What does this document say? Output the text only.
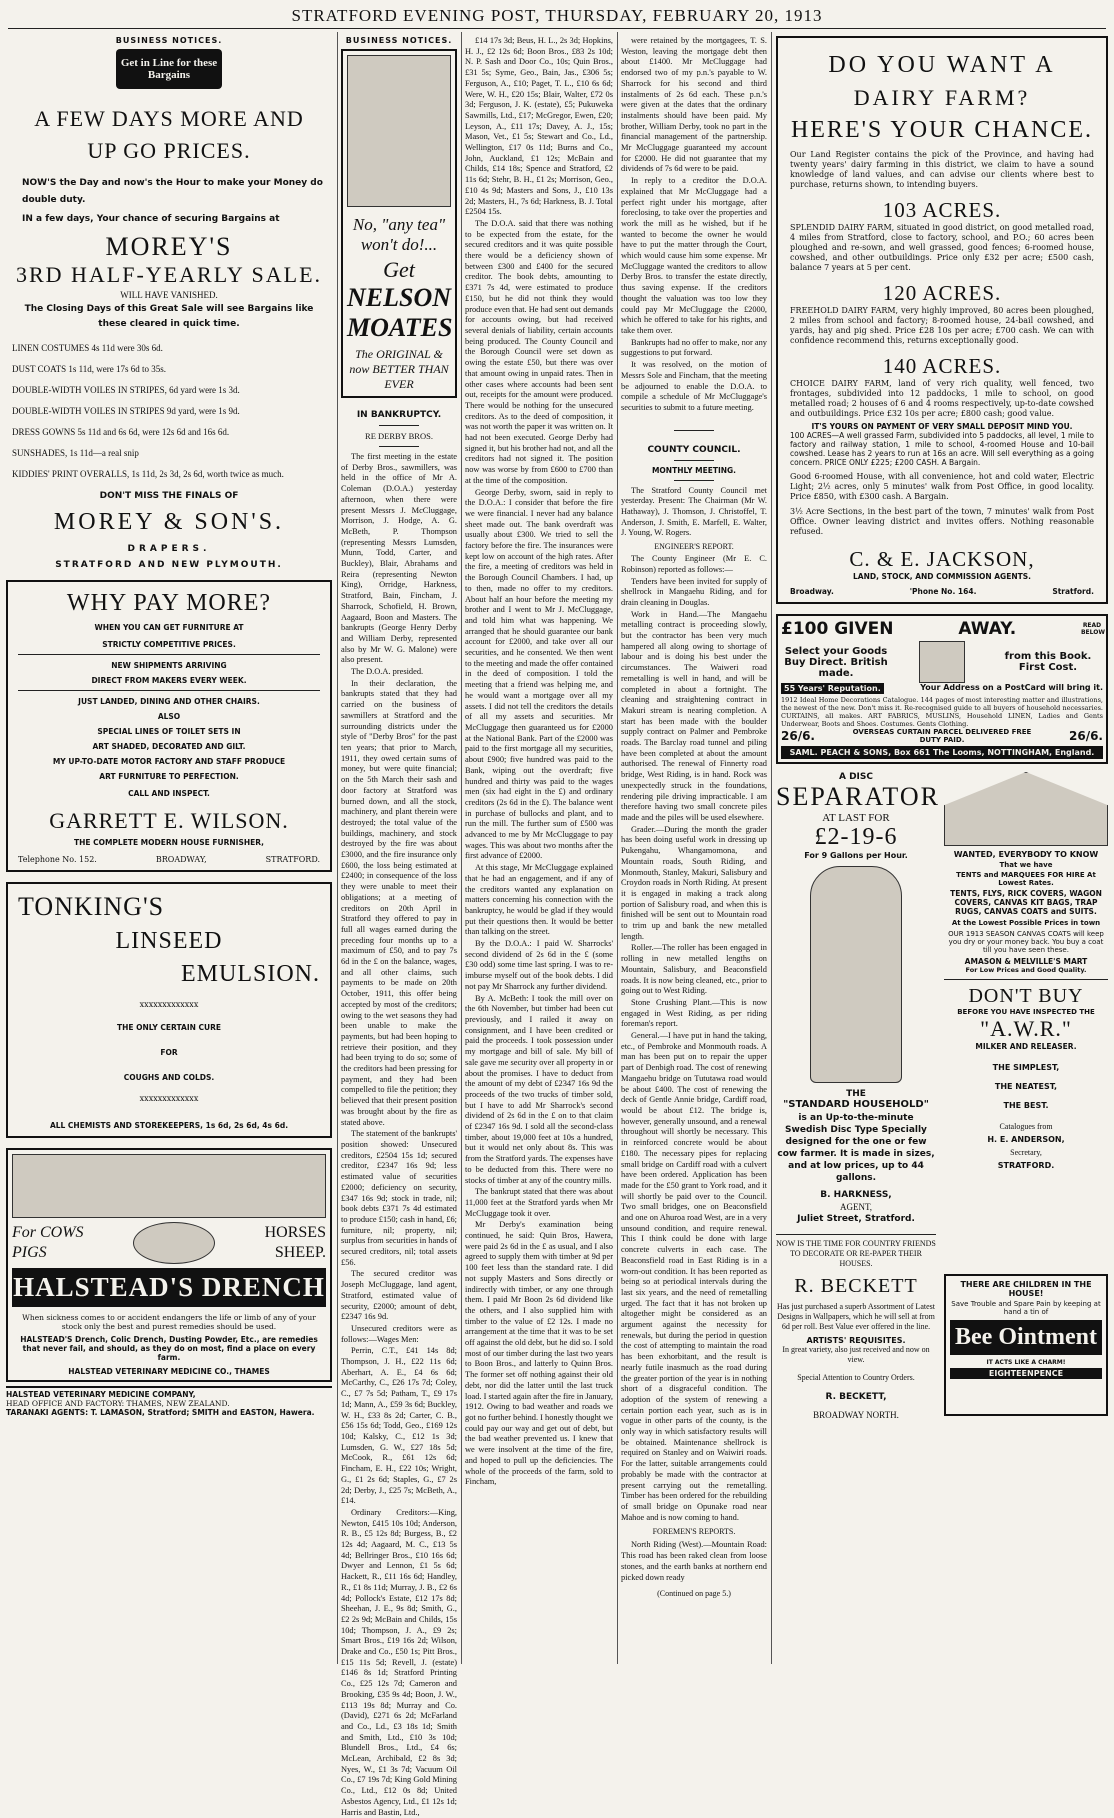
STRATFORD EVENING POST, THURSDAY, FEBRUARY 20, 1913
BUSINESS NOTICES.
Get in Line for these Bargains
A FEW DAYS MORE AND UP GO PRICES.
NOW'S the Day and now's the Hour to make your Money do double duty.
IN a few days, Your chance of securing Bargains at
MOREY'S
3RD HALF-YEARLY SALE.
WILL HAVE VANISHED.
The Closing Days of this Great Sale will see Bargains like these cleared in quick time.
LINEN COSTUMES 4s 11d were 30s 6d.
DUST COATS 1s 11d, were 17s 6d to 35s.
DOUBLE-WIDTH VOILES IN STRIPES, 6d yard were 1s 3d.
DOUBLE-WIDTH VOILES IN STRIPES 9d yard, were 1s 9d.
DRESS GOWNS 5s 11d and 6s 6d, were 12s 6d and 16s 6d.
SUNSHADES, 1s 11d—a real snip
KIDDIES' PRINT OVERALLS, 1s 11d, 2s 3d, 2s 6d, worth twice as much.
DON'T MISS THE FINALS OF
MOREY & SON'S.
DRAPERS.
STRATFORD AND NEW PLYMOUTH.
WHY PAY MORE?
WHEN YOU CAN GET FURNITURE AT
STRICTLY COMPETITIVE PRICES.
NEW SHIPMENTS ARRIVING
DIRECT FROM MAKERS EVERY WEEK.
JUST LANDED, DINING AND OTHER CHAIRS.
ALSO
SPECIAL LINES OF TOILET SETS IN
ART SHADED, DECORATED AND GILT.
MY UP-TO-DATE MOTOR FACTORY AND STAFF PRODUCE
ART FURNITURE TO PERFECTION.
CALL AND INSPECT.
GARRETT E. WILSON.
THE COMPLETE MODERN HOUSE FURNISHER,
Telephone No. 152.	BROADWAY,	STRATFORD.
TONKING'S
LINSEED
EMULSION.
xxxxxxxxxxxxx
THE ONLY CERTAIN CURE
FOR
COUGHS AND COLDS.
xxxxxxxxxxxxx
ALL CHEMISTS AND STOREKEEPERS, 1s 6d, 2s 6d, 4s 6d.
For COWS
PIGS
HORSES
SHEEP.
HALSTEAD'S DRENCH
When sickness comes to or accident endangers the life or limb of any of your stock only the best and purest remedies should be used.
HALSTEAD'S Drench, Colic Drench, Dusting Powder, Etc., are remedies that never fail, and should, as they do on most, find a place on every farm.
HALSTEAD VETERINARY MEDICINE CO., THAMES
HALSTEAD VETERINARY MEDICINE COMPANY,
HEAD OFFICE AND FACTORY: THAMES, NEW ZEALAND.
TARANAKI AGENTS: T. LAMASON, Stratford; SMITH and EASTON, Hawera.
BUSINESS NOTICES.
No, "any tea" won't do!...
Get
NELSON MOATES
The ORIGINAL & now BETTER THAN EVER
IN BANKRUPTCY.
RE DERBY BROS.

The first meeting in the estate of Derby Bros., sawmillers, was held in the office of Mr A. Coleman (D.O.A.) yesterday afternoon, when there were present Messrs J. McCluggage, Morrison, J. Hodge, A. G. McBeth, P. Thompson (representing Messrs Lumsden, Munn, Todd, Carter, and Buckley), Blair, Abrahams and Reira (representing Newton King), Orridge, Harkness, Stratford, Bain, Fincham, J. Sharrock, Schofield, H. Brown, Aagaard, Boon and Masters. The bankrupts (George Henry Derby and William Derby, represented also by Mr W. G. Malone) were also present.

The D.O.A. presided.

In their declaration, the bankrupts stated that they had carried on the business of sawmillers at Stratford and the surrounding districts under the style of "Derby Bros" for the past ten years; that prior to March, 1911, they owed certain sums of money, but were quite financial; on the 5th March their sash and door factory at Stratford was burned down, and all the stock, machinery, and plant therein were destroyed; the total value of the buildings, machinery, and stock destroyed by the fire was about £3000, and the fire insurance only £600, the loss being estimated at £2400; in consequence of the loss they were unable to meet their obligations; at a meeting of creditors on 20th April in Stratford they offered to pay in full all wages earned during the preceding four months up to a maximum of £50, and to pay 7s 6d in the £ on the balance, wages, and all other claims, such payments to be made on 20th October, 1911, this offer being accepted by most of the creditors; owing to the wet seasons they had been unable to make the payments, but had been hoping to retrieve their position, and they had been trying to do so; some of the creditors had been pressing for payment, and they had been compelled to file the petition; they believed that their present position was brought about by the fire as stated above.

The statement of the bankrupts' position showed: Unsecured creditors, £2504 15s 1d; secured creditor, £2347 16s 9d; less estimated value of securities £2000; deficiency on security, £347 16s 9d; stock in trade, nil; book debts £371 7s 4d estimated to produce £150; cash in hand, £6; furniture, nil; property, nil; surplus from securities in hands of secured creditors, nil; total assets £56.

The secured creditor was Joseph McCluggage, land agent, Stratford, estimated value of security, £2000; amount of debt, £2347 16s 9d.

Unsecured creditors were as follows:—Wages Men:

Perrin, C.T., £41 14s 8d; Thompson, J. H., £22 11s 6d; Aberhart, A. E., £4 6s 6d; McCarthy, C., £26 17s 7d; Coley, C., £7 7s 5d; Patham, T., £9 17s 1d; Mann, A., £59 3s 6d; Buckley, W. H., £33 8s 2d; Carter, C. B., £56 15s 6d; Todd, Geo., £169 12s 10d; Kalsky, C., £12 1s 3d; Lumsden, G. W., £27 18s 5d; McCook, R., £61 12s 6d; Fincham, E. H., £22 10s; Wright, G., £1 2s 6d; Staples, G., £7 2s 2d; Derby, J., £25 7s; McBeth, A., £14.

Ordinary Creditors:—King, Newton, £415 10s 10d; Anderson, R. B., £5 12s 8d; Burgess, B., £2 12s 4d; Aagaard, M. C., £13 5s 4d; Bellringer Bros., £10 16s 6d; Dwyer and Lennon, £1 5s 6d; Hackett, R., £11 16s 6d; Handley, R., £1 8s 11d; Murray, J. B., £2 6s 4d; Pollock's Estate, £12 17s 8d; Sheehan, J. E., 9s 8d; Smith, G., £2 2s 9d; McBain and Childs, 15s 10d; Thompson, J. A., £9 2s; Smart Bros., £19 16s 2d; Wilson, Drake and Co., £50 1s; Pitt Bros., £15 11s 5d; Revell, J. (estate) £146 8s 1d; Stratford Printing Co., £25 12s 7d; Cameron and Brooking, £35 9s 4d; Boon, J. W., £113 19s 8d; Murray and Co. (David), £271 6s 2d; McFarland and Co., Ld., £3 18s 1d; Smith and Smith, Ltd., £10 3s 10d; Blundell Bros., Ltd., £4 6s; McLean, Archibald, £2 8s 3d; Nyes, W., £1 3s 7d; Vacuum Oil Co., £7 19s 7d; King Gold Mining Co., Ltd., £12 0s 8d; United Asbestos Agency, Ltd., £1 12s 1d; Harris and Bastin, Ltd.,

£14 17s 3d; Beus, H. L., 2s 3d; Hopkins, H. J., £2 12s 6d; Boon Bros., £83 2s 10d; N. P. Sash and Door Co., 10s; Quin Bros., £31 5s; Syme, Geo., Bain, Jas., £306 5s; Ferguson, A., £10; Paget, T. L., £10 6s 6d; Were, W. H., £20 15s; Blair, Walter, £72 0s 3d; Ferguson, J. K. (estate), £5; Pukuweka Sawmills, Ltd., £17; McGregor, Ewen, £20; Leyson, A., £11 17s; Davey, A. J., 15s; Mason, Vet., £1 5s; Stewart and Co., Ld., Wellington, £17 0s 11d; Burns and Co., John, Auckland, £1 12s; McBain and Childs, £14 18s; Spence and Stratford, £2 11s 6d; Stehr, B. H., £1 2s; Morrison, Geo., £10 4s 9d; Masters and Sons, J., £10 13s 2d; Masters, H., 7s 6d; Harkness, B. J. Total £2504 15s.

The D.O.A. said that there was nothing to be expected from the estate, for the secured creditors and it was quite possible there would be a deficiency shown of between £300 and £400 for the secured creditor. The book debts, amounting to £371 7s 4d, were estimated to produce £150, but he did not think they would produce even that. He had sent out demands for accounts owing, but had received several denials of liability, certain accounts being produced. The County Council and the Borough Council were set down as owing the estate £50, but there was over that amount owing in unpaid rates. Then in other cases where accounts had been sent out, receipts for the amount were produced. There would be nothing for the unsecured creditors. As to the deed of composition, it was not worth the paper it was written on. It had not been executed. George Derby had signed it, but his brother had not, and all the creditors had not signed it. The position now was worse by from £600 to £700 than at the time of the composition.

George Derby, sworn, said in reply to the D.O.A.: I consider that before the fire we were financial. I never had any balance sheet made out. The bank overdraft was usually about £300. We tried to sell the factory before the fire. The insurances were kept low on account of the high rates. After the fire, a meeting of creditors was held in the Borough Council Chambers. I had, up to then, made no offer to my creditors. About half an hour before the meeting my brother and I went to Mr J. McCluggage, and told him what was happening. We arranged that he should guarantee our bank account for £2000, and take over all our securities, and he consented. We then went to the meeting and made the offer contained in the deed of composition. I told the meeting that a friend was helping me, and he would want a mortgage over all my assets. I did not tell the creditors the details of all my assets and securities. Mr McCluggage then guaranteed us for £2000 at the National Bank. Part of the £2000 was paid to the first mortgage all my securities, about £900; five hundred was paid to the Bank, wiping out the overdraft; five hundred and thirty was paid to the wages men (six had eight in the £) and ordinary creditors (2s 6d in the £). The balance went in purchase of bullocks and plant, and to run the mill. The further sum of £500 was advanced to me by Mr McCluggage to pay wages. This was about two months after the first advance of £2000.

At this stage, Mr McCluggage explained that he had an engagement, and if any of the creditors wanted any explanation on matters concerning his connection with the bankruptcy, he would be glad if they would put their questions then. It would be better than talking on the street.

By the D.O.A.: I paid W. Sharrocks' second dividend of 2s 6d in the £ (some £30 odd) some time last spring. I was to re-imburse myself out of the book debts. I did not pay Mr Sharrock any further dividend.

By A. McBeth: I took the mill over on the 6th November, but timber had been cut previously, and I railed it away on consignment, and I have been credited or paid the proceeds. I took possession under my mortgage and bill of sale. My bill of sale gave me security over all property in or about the promises. I have to deduct from the amount of my debt of £2347 16s 9d the proceeds of the two trucks of timber sold, but I have to add Mr Sharrock's second dividend of 2s 6d in the £ on to that claim of £2347 16s 9d. I sold all the second-class timber, about 19,000 feet at 10s a hundred, but it would net only about 8s. This was from the Stratford yards. The expenses have to be deducted from this. There were no stocks of timber at any of the country mills.

The bankrupt stated that there was about 11,000 feet at the Stratford yards when Mr McCluggage took it over.

Mr Derby's examination being continued, he said: Quin Bros, Hawera, were paid 2s 6d in the £ as usual, and I also agreed to supply them with timber at 9d per 100 feet less than the standard rate. I did not supply Masters and Sons directly or indirectly with timber, or any one through them. I paid Mr Boon 2s 6d dividend like the others, and I also supplied him with timber to the value of £2 12s. I made no arrangement at the time that it was to be set off against the old debt, but he did so. I sold most of our timber during the last two years to Boon Bros., and latterly to Quinn Bros. The former set off nothing against their old debt, nor did the latter until the last truck load. I started again after the fire in January, 1912. Owing to bad weather and roads we got no further behind. I honestly thought we could pay our way and get out of debt, but the bad weather prevented us. I knew that we were insolvent at the time of the fire, and hoped to pull up the deficiencies. The whole of the proceeds of the farm, sold to Fincham,

were retained by the mortgagees, T. S. Weston, leaving the mortgage debt then about £1400. Mr McCluggage had endorsed two of my p.n.'s payable to W. Sharrock for his second and third instalments of 2s 6d each. These p.n.'s were given at the dates that the ordinary instalments should have been paid. My brother, William Derby, took no part in the financial management of the partnership. Mr McCluggage guaranteed my account for £2000. He did not guarantee that my dividends of 7s 6d were to be paid.

In reply to a creditor the D.O.A. explained that Mr McCluggage had a perfect right under his mortgage, after foreclosing, to take over the properties and work the mill as he wished, but if he wanted to become the owner he would have to put the matter through the Court, which would cause him some expense. Mr McCluggage wanted the creditors to allow Derby Bros. to transfer the estate directly, thus saving expense. If the creditors thought the valuation was too low they could pay Mr McCluggage the £2000, which he offered to take for his rights, and take them over.

Bankrupts had no offer to make, nor any suggestions to put forward.

It was resolved, on the motion of Messrs Sole and Fincham, that the meeting be adjourned to enable the D.O.A. to compile a schedule of Mr McCluggage's securities to submit to a future meeting.

COUNTY COUNCIL.
MONTHLY MEETING.

The Stratford County Council met yesterday. Present: The Chairman (Mr W. Hathaway), J. Thomson, J. Christoffel, T. Anderson, J. Smith, E. Marfell, E. Walter, J. Young, W. Rogers.

ENGINEER'S REPORT.

The County Engineer (Mr E. C. Robinson) reported as follows:—

Tenders have been invited for supply of shellrock in Mangaehu Riding, and for drain cleaning in Douglas.

Work in Hand.—The Mangaehu metalling contract is proceeding slowly, but the contractor has been very much hampered all along owing to shortage of labour and is doing his best under the circumstances. The Waiweri road remetalling is well in hand, and will be completed in about a fortnight. The cleaning and straightening contract in Makuri stream is nearing completion. A start has been made with the boulder supply contract on Palmer and Pembroke roads. The Barclay road tunnel and piling have been completed at about the amount authorised. The renewal of Finnerty road bridge, West Riding, is in hand. Rock was unexpectedly struck in the foundations, rendering pile driving impracticable. I am therefore having two small concrete piles made and the piles will be used elsewhere.

Grader.—During the month the grader has been doing useful work in dressing up Pukengahu, Whangamomona, and Mountain roads, South Riding, and Monmouth, Stanley, Makuri, Salisbury and Croydon roads in North Riding. At present it is engaged in making a track along portion of Salisbury road, and when this is finished will be sent out to Mountain road to trim up and bank the new metalled length.

Roller.—The roller has been engaged in rolling in new metalled lengths on Mountain, Salisbury, and Beaconsfield roads. It is now being cleaned, etc., prior to going out to West Riding.

Stone Crushing Plant.—This is now engaged in West Riding, as per riding foreman's report.

General.—I have put in hand the taking, etc., of Pembroke and Monmouth roads. A man has been put on to repair the upper part of Denbigh road. The cost of renewing Mangaehu bridge on Tututawa road would be about £400. The cost of renewing the deck of Gentle Annie bridge, Cardiff road, would be about £12. The bridge is, however, generally unsound, and a renewal throughout will shortly be necessary. This in reinforced concrete would be about £180. The necessary pipes for replacing small bridge on Cardiff road with a culvert have been ordered. Application has been made for the £50 grant to York road, and it will shortly be paid over to the Council. Two small bridges, one on Beaconsfield and one on Ahuroa road West, are in a very unsound condition, and require renewal. This I think could be done with large concrete culverts in each case. The Beaconsfield road in East Riding is in a worn-out condition. It has been reported as being so at periodical intervals during the last six years, and the need of remetalling urged. The fact that it has not broken up altogether might be considered as an argument against the necessity for renewals, but during the period in question the cost of attempting to maintain the road has been exhorbitant, and the result is nearly futile inasmuch as the road during the greater portion of the year is in nothing short of a disgraceful condition. The adoption of the system of renewing a certain portion each year, such as is in vogue in other parts of the county, is the only way in which satisfactory results will be obtained. Maintenance shellrock is required on Stanley and on Waiwiri roads. For the latter, suitable arrangements could probably be made with the contractor at present carrying out the remetalling. Timber has been ordered for the rebuilding of small bridge on Opunake road near Mahoe and is now coming to hand.

FOREMEN'S REPORTS.

North Riding (West).—Mountain Road: This road has been raked clean from loose stones, and the earth banks at northern end picked down ready

(Continued on page 5.)
DO YOU WANT A
DAIRY FARM?
HERE'S YOUR CHANCE.
Our Land Register contains the pick of the Province, and having had twenty years' dairy farming in this district, we claim to have a sound knowledge of land values, and can advise our clients where best to purchase, returns shown, to intending buyers.
103 ACRES.
SPLENDID DAIRY FARM, situated in good district, on good metalled road, 4 miles from Stratford, close to factory, school, and P.O.; 60 acres been ploughed and re-sown, and well grassed, good fences; 6-roomed house, cowshed, and other outbuildings. Price only £32 per acre; £500 cash, balance 7 years at 5 per cent.
120 ACRES.
FREEHOLD DAIRY FARM, very highly improved, 80 acres been ploughed, 2 miles from school and factory; 8-roomed house, 24-bail cowshed, and yards, hay and pig shed. Price £28 10s per acre; £700 cash. We can with confidence recommend this, returns exceptionally good.
140 ACRES.
CHOICE DAIRY FARM, land of very rich quality, well fenced, two frontages, subdivided into 12 paddocks, 1 mile to school, on good metalled road; 2 houses of 6 and 4 rooms respectively, up-to-date cowshed and outbuildings. Price £32 10s per acre; £800 cash; good value.
IT'S YOURS ON PAYMENT OF VERY SMALL DEPOSIT MIND YOU.
100 ACRES—A well grassed Farm, subdivided into 5 paddocks, all level, 1 mile to factory and railway station, 1 mile to school, 4-roomed House and 10-bail cowshed. Lease has 2 years to run at 16s an acre. Will sell everything as a going concern. PRICE ONLY £225; £200 CASH. A Bargain.
Good 6-roomed House, with all convenience, hot and cold water, Electric Light; 2½ acres, only 5 minutes' walk from Post Office, in good locality. Price £850, with £300 cash. A Bargain.
3½ Acre Sections, in the best part of the town, 7 minutes' walk from Post Office. Owner leaving district and invites offers. Nothing reasonable refused.
C. & E. JACKSON,
LAND, STOCK, AND COMMISSION AGENTS.
Broadway.	'Phone No. 164.	Stratford.
£100 GIVEN	AWAY.	READ BELOW
Select your Goods Buy Direct. British made.
from this Book. First Cost.
55 Years' Reputation.	Your Address on a PostCard will bring it.
1912 Ideal Home Decorations Catalogue. 144 pages of most interesting matter and illustrations, the newest of the new. Don't miss it. Re-recognised guide to all buyers of household necessaries. CURTAINS, all makes. ART FABRICS, MUSLINS, Household LINEN, Ladies and Gents Underwear, Boots and Shoes. Costumes. Gents Clothing.
26/6.	OVERSEAS CURTAIN PARCEL DELIVERED FREE DUTY PAID.	26/6.
SAML. PEACH & SONS, Box 661 The Looms, NOTTINGHAM, England.
A DISC
SEPARATOR
AT LAST FOR
£2-19-6
For 9 Gallons per Hour.
THE
"STANDARD HOUSEHOLD"
is an Up-to-the-minute Swedish Disc Type Specially designed for the one or few cow farmer. It is made in sizes, and at low prices, up to 44 gallons.
B. HARKNESS,
AGENT,
Juliet Street, Stratford.
WANTED, EVERYBODY TO KNOW
That we have
TENTS and MARQUEES FOR HIRE At Lowest Rates.
TENTS, FLYS, RICK COVERS, WAGON COVERS, CANVAS KIT BAGS, TRAP RUGS, CANVAS COATS and SUITS.
At the Lowest Possible Prices in town
OUR 1913 SEASON CANVAS COATS will keep you dry or your money back. You buy a coat till you have seen these.
AMASON & MELVILLE'S MART
For Low Prices and Good Quality.
DON'T BUY
BEFORE YOU HAVE INSPECTED THE
"A.W.R."
MILKER AND RELEASER.
THE SIMPLEST,
THE NEATEST,
THE BEST.
Catalogues from
H. E. ANDERSON,
Secretary,
STRATFORD.
NOW IS THE TIME FOR COUNTRY FRIENDS TO DECORATE OR RE-PAPER THEIR HOUSES.
R. BECKETT
Has just purchased a superb Assortment of Latest Designs in Wallpapers, which he will sell at from 6d per roll. Best Value ever offered in the line.
ARTISTS' REQUISITES.
In great variety, also just received and now on view.
Special Attention to Country Orders.
R. BECKETT,
BROADWAY NORTH.
THERE ARE CHILDREN IN THE HOUSE!
Save Trouble and Spare Pain by keeping at hand a tin of
Bee Ointment
IT ACTS LIKE A CHARM!
EIGHTEENPENCE
